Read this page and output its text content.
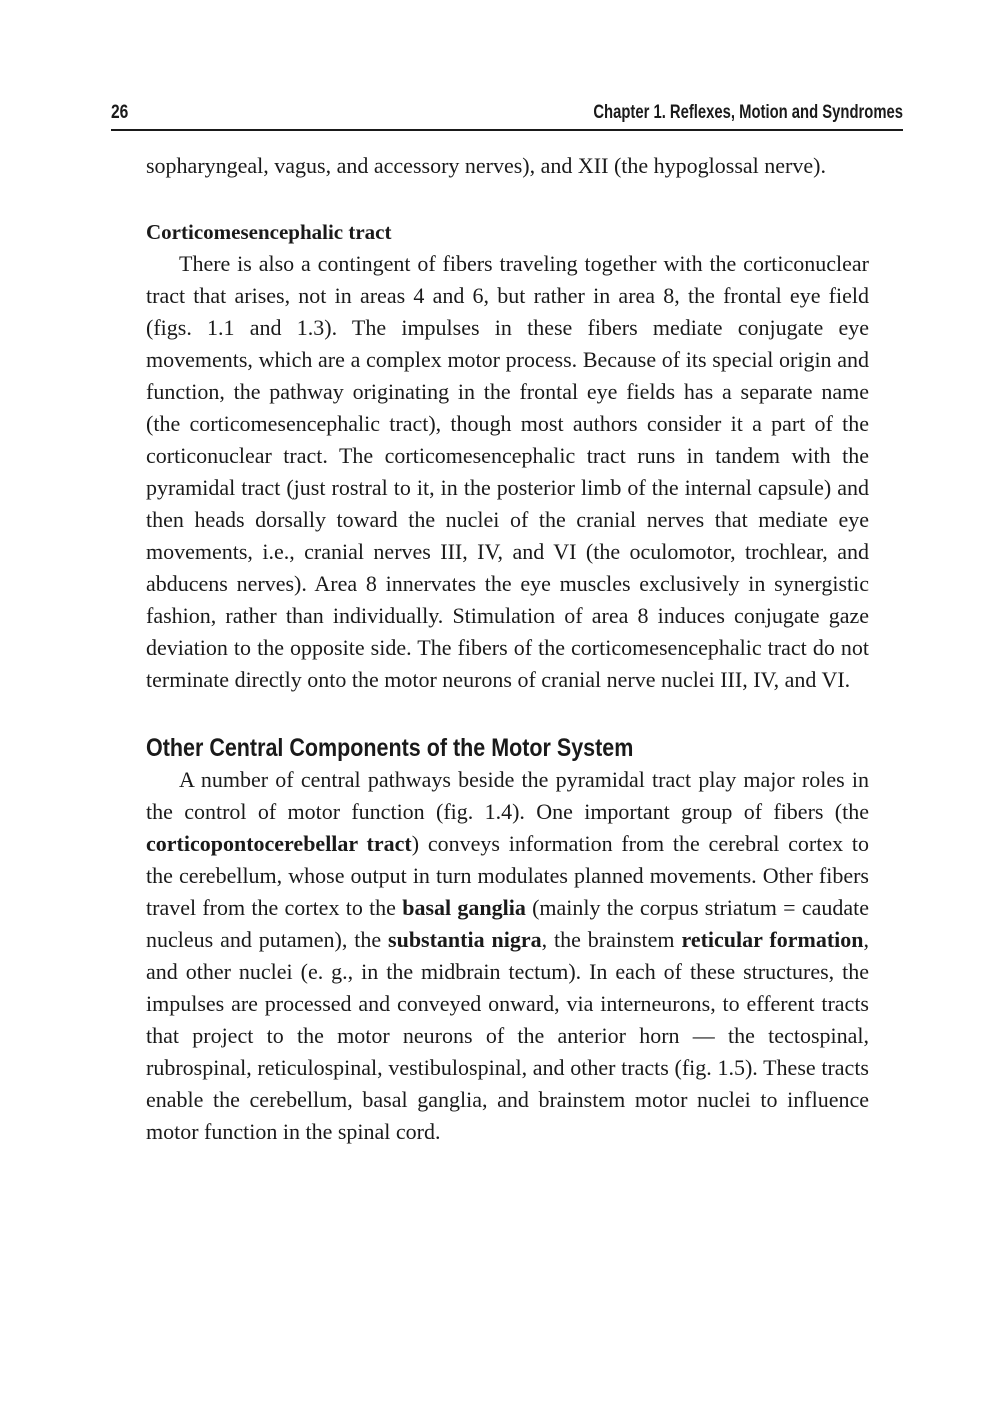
26	Chapter 1. Reflexes, Motion and Syndromes

sopharyngeal, vagus, and accessory nerves), and XII (the hypoglossal nerve).

Corticomesencephalic tract

There is also a contingent of fibers traveling together with the corticonuclear tract that arises, not in areas 4 and 6, but rather in area 8, the frontal eye field (figs. 1.1 and 1.3). The impulses in these fibers mediate conjugate eye movements, which are a complex motor process. Because of its special origin and function, the pathway originating in the frontal eye fields has a separate name (the corticomesencephalic tract), though most authors consider it a part of the corticonuclear tract. The corticomesencephalic tract runs in tandem with the pyramidal tract (just rostral to it, in the posterior limb of the internal capsule) and then heads dorsally toward the nuclei of the cranial nerves that mediate eye movements, i.e., cranial nerves III, IV, and VI (the oculomotor, trochlear, and abducens nerves). Area 8 innervates the eye muscles exclusively in synergistic fashion, rather than individually. Stimulation of area 8 induces conjugate gaze deviation to the opposite side. The fibers of the corticomesencephalic tract do not terminate directly onto the motor neurons of cranial nerve nuclei III, IV, and VI.

Other Central Components of the Motor System

A number of central pathways beside the pyramidal tract play major roles in the control of motor function (fig. 1.4). One important group of fibers (the corticopontocerebellar tract) conveys information from the cerebral cortex to the cerebellum, whose output in turn modulates planned movements. Other fibers travel from the cortex to the basal ganglia (mainly the corpus striatum = caudate nucleus and putamen), the substantia nigra, the brainstem reticular formation, and other nuclei (e. g., in the midbrain tectum). In each of these structures, the impulses are processed and conveyed onward, via interneurons, to efferent tracts that project to the motor neurons of the anterior horn — the tectospinal, rubrospinal, reticulospinal, vestibulospinal, and other tracts (fig. 1.5). These tracts enable the cerebellum, basal ganglia, and brainstem motor nuclei to influence motor function in the spinal cord.
